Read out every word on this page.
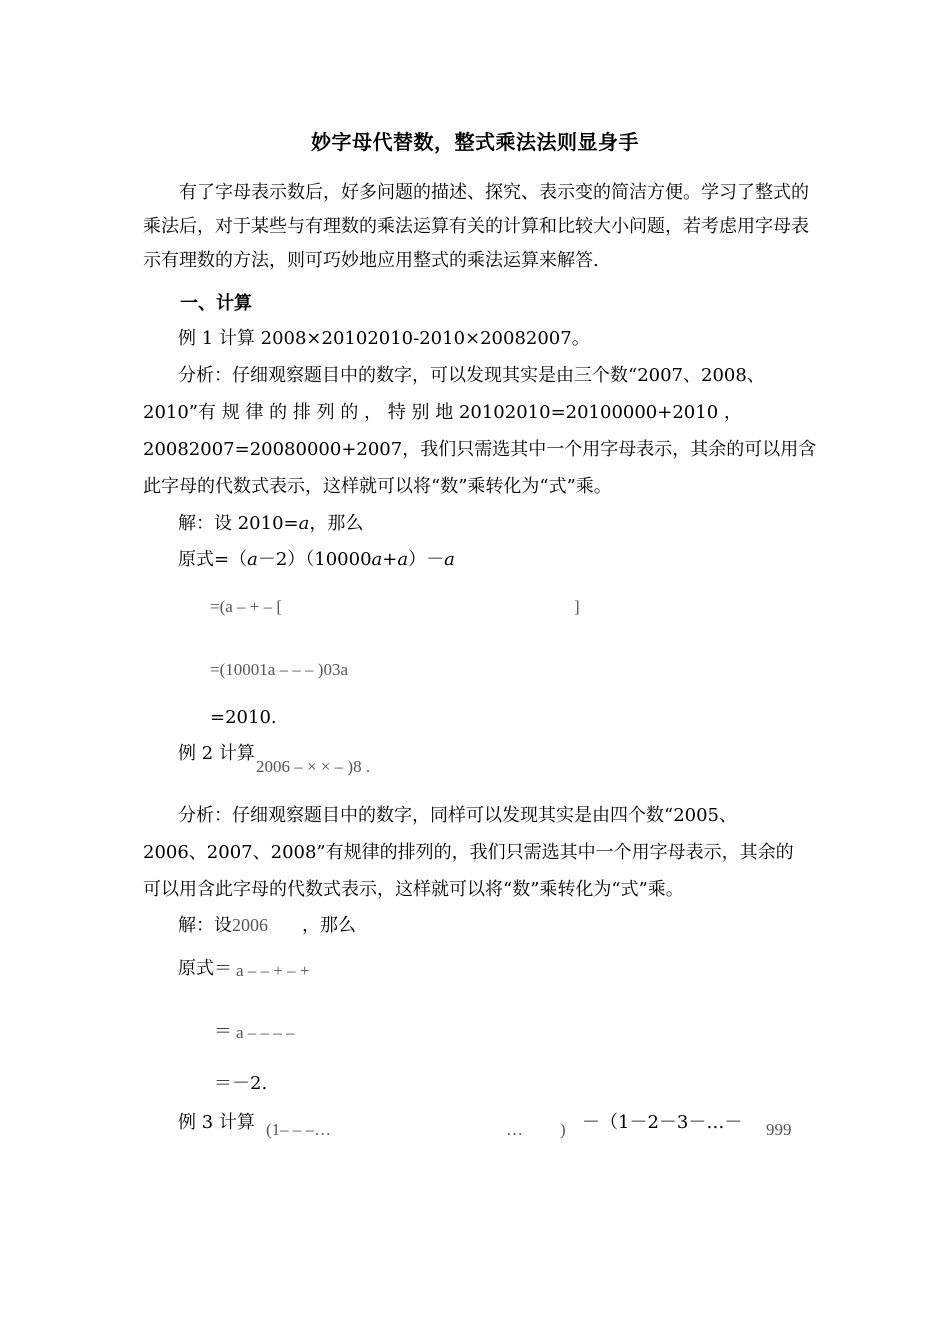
妙字母代替数，整式乘法法则显身手
有了字母表示数后，好多问题的描述、探究、表示变的简洁方便。学习了整式的乘法后，对于某些与有理数的乘法运算有关的计算和比较大小问题，若考虑用字母表示有理数的方法，则可巧妙地应用整式的乘法运算来解答.
一、计算
例 1 计算 2008×20102010-2010×20082007。
分析：仔细观察题目中的数字，可以发现其实是由三个数“2007、2008、
2010”有 规 律 的 排 列 的 ， 特 别 地 20102010=20100000+2010 ，
20082007=20080000+2007，我们只需选其中一个用字母表示，其余的可以用含
此字母的代数式表示，这样就可以将“数”乘转化为“式”乘。
解：设 2010=a，那么
原式=（a－2）（10000a+a）－a
=(a – + – [	]
=(10001a – – – )03a
=2010.
例 2 计算
2006 – × × – )8 .
分析：仔细观察题目中的数字，同样可以发现其实是由四个数“2005、
2006、2007、2008”有规律的排列的，我们只需选其中一个用字母表示，其余的
可以用含此字母的代数式表示，这样就可以将“数”乘转化为“式”乘。
解：设2006 ，那么
原式＝ a – – + – +
＝ a – – – –
＝－2.
例 3 计算 (1– – –…	… ) －（1－2－3－…－ 999
